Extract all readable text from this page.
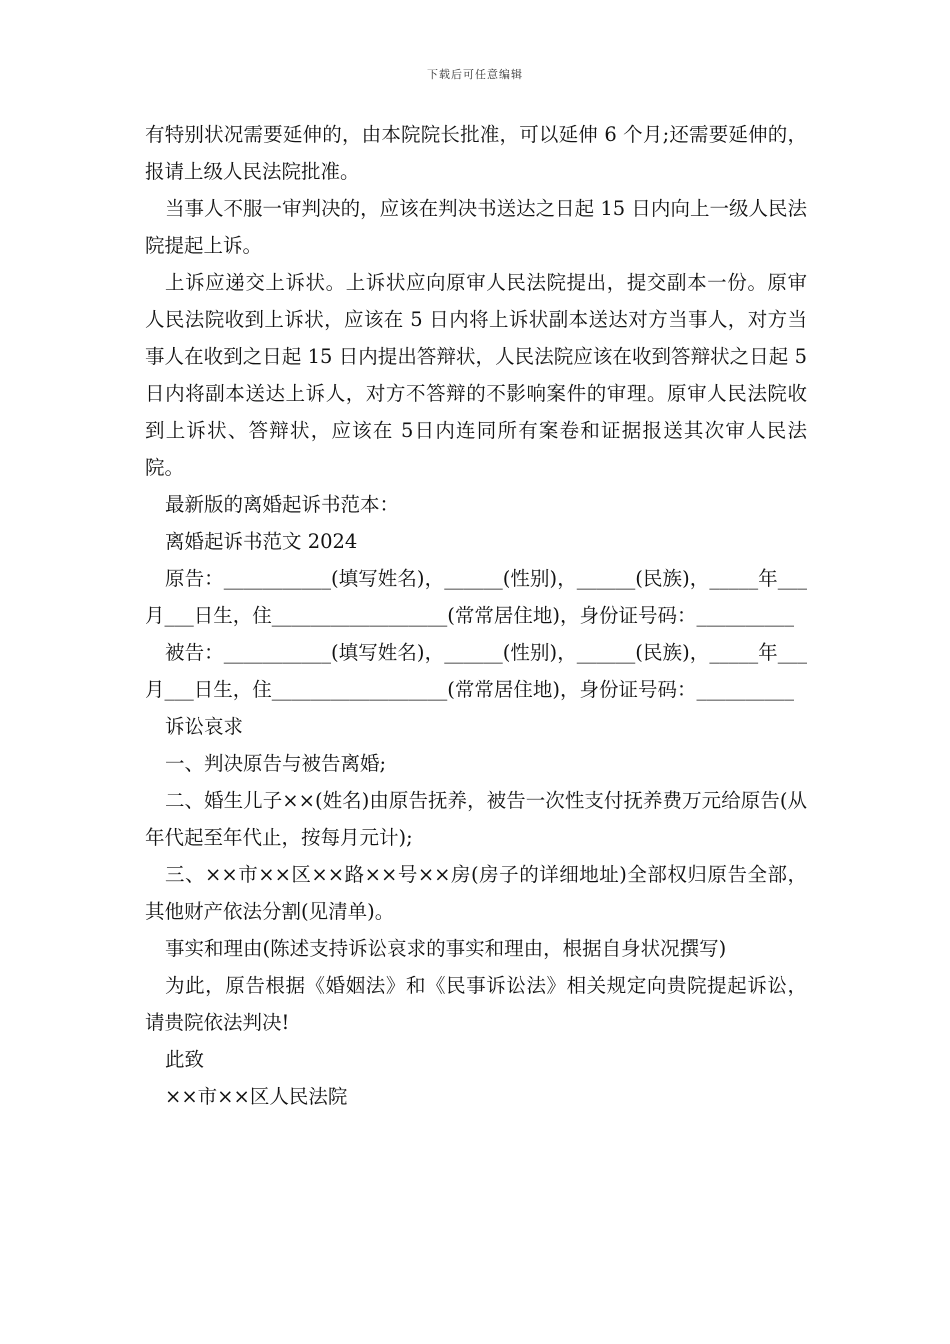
下载后可任意编辑

有特别状况需要延伸的，由本院院长批准，可以延伸 6 个月;还需要延伸的，报请上级人民法院批准。

当事人不服一审判决的，应该在判决书送达之日起 15 日内向上一级人民法院提起上诉。

上诉应递交上诉状。上诉状应向原审人民法院提出，提交副本一份。原审人民法院收到上诉状，应该在 5 日内将上诉状副本送达对方当事人，对方当事人在收到之日起 15 日内提出答辩状，人民法院应该在收到答辩状之日起 5 日内将副本送达上诉人，对方不答辩的不影响案件的审理。原审人民法院收到上诉状、答辩状，应该在 5日内连同所有案卷和证据报送其次审人民法院。

最新版的离婚起诉书范本：

离婚起诉书范文 2024

原告：___________(填写姓名)，______(性别)，______(民族)，_____年___月___日生，住__________________(常常居住地)，身份证号码：__________

被告：___________(填写姓名)，______(性别)，______(民族)，_____年___月___日生，住__________________(常常居住地)，身份证号码：__________

诉讼哀求

一、判决原告与被告离婚;

二、婚生儿子××(姓名)由原告抚养，被告一次性支付抚养费万元给原告(从年代起至年代止，按每月元计);

三、××市××区××路××号××房(房子的详细地址)全部权归原告全部，其他财产依法分割(见清单)。

事实和理由(陈述支持诉讼哀求的事实和理由，根据自身状况撰写)

为此，原告根据《婚姻法》和《民事诉讼法》相关规定向贵院提起诉讼，请贵院依法判决!

此致

××市××区人民法院
